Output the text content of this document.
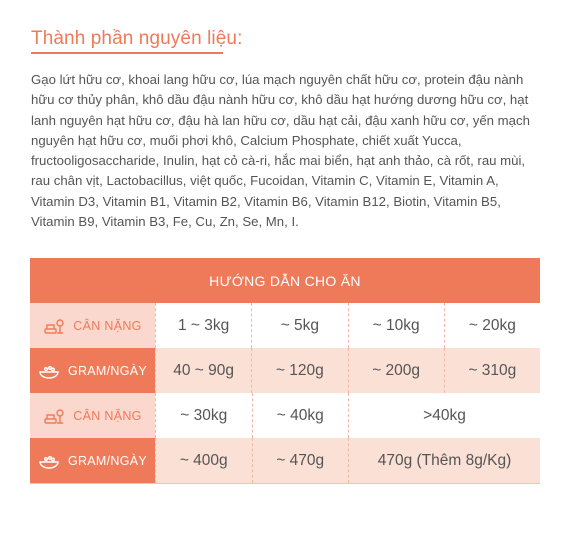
Thành phần nguyên liệu:

Gạo lứt hữu cơ, khoai lang hữu cơ, lúa mạch nguyên chất hữu cơ, protein đậu nành hữu cơ thủy phân, khô dầu đậu nành hữu cơ, khô dầu hạt hướng dương hữu cơ, hạt lanh nguyên hạt hữu cơ, đậu hà lan hữu cơ, dầu hạt cải, đậu xanh hữu cơ, yến mạch nguyên hạt hữu cơ, muối phơi khô, Calcium Phosphate, chiết xuất Yucca, fructooligosaccharide, Inulin, hạt cỏ cà-ri, hắc mai biển, hạt anh thảo, cà rốt, rau mùi, rau chân vịt, Lactobacillus, việt quốc, Fucoidan, Vitamin C, Vitamin E, Vitamin A, Vitamin D3, Vitamin B1, Vitamin B2, Vitamin B6, Vitamin B12, Biotin, Vitamin B5, Vitamin B9, Vitamin B3, Fe, Cu, Zn, Se, Mn, I.

HƯỚNG DẪN CHO ĂN
CÂN NẶNG	1 ~ 3kg	~ 5kg	~ 10kg	~ 20kg
GRAM/NGÀY	40 ~ 90g	~ 120g	~ 200g	~ 310g
CÂN NẶNG	~ 30kg	~ 40kg	>40kg
GRAM/NGÀY	~ 400g	~ 470g	470g (Thêm 8g/Kg)
